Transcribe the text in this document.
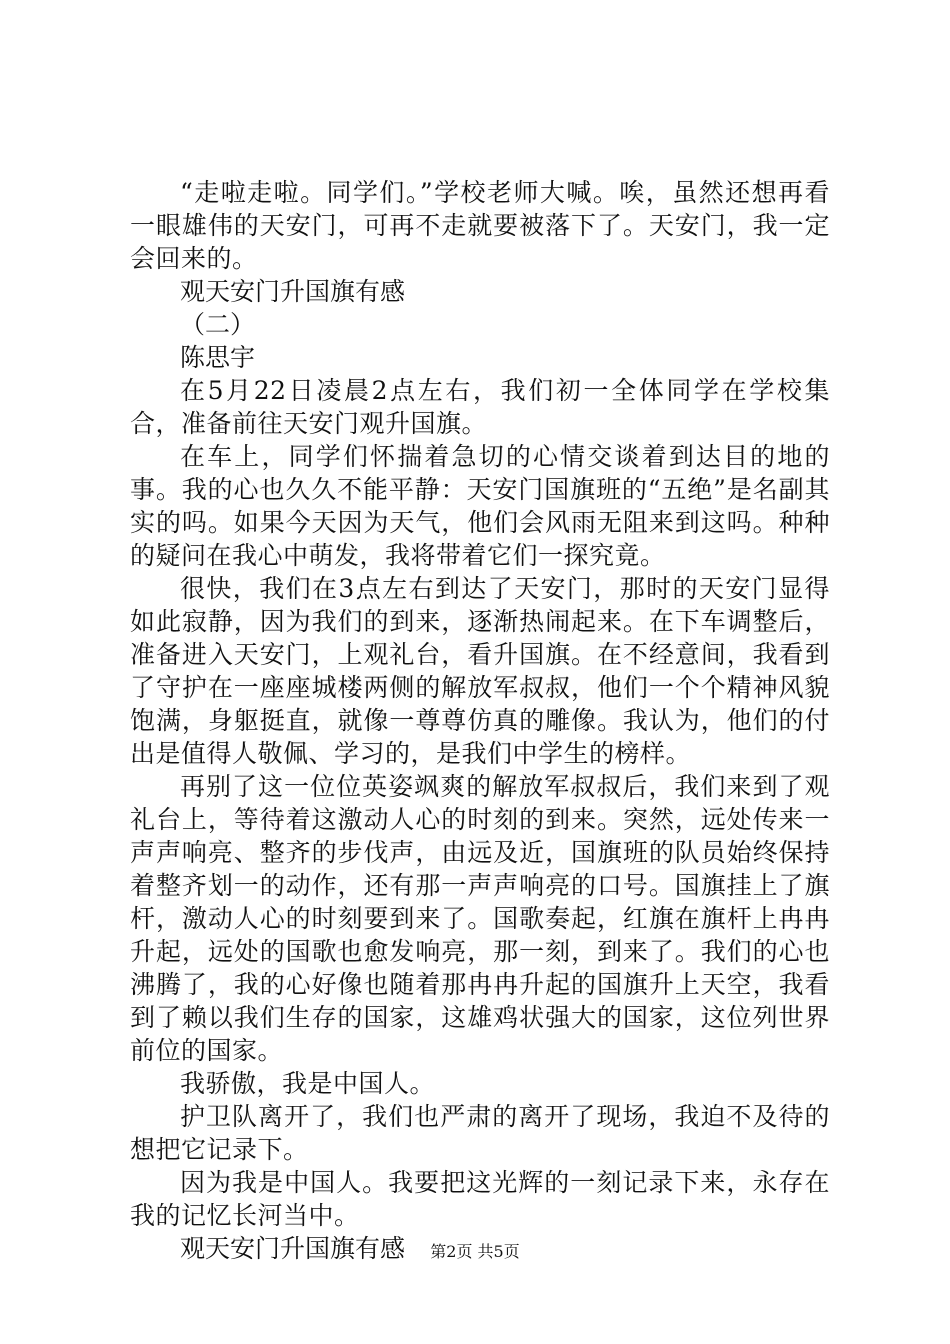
“走啦走啦。同学们。”学校老师大喊。唉，虽然还想再看一眼雄伟的天安门，可再不走就要被落下了。天安门，我一定会回来的。

观天安门升国旗有感

（二）

陈思宇

在5月22日凌晨2点左右，我们初一全体同学在学校集合，准备前往天安门观升国旗。

在车上，同学们怀揣着急切的心情交谈着到达目的地的事。我的心也久久不能平静：天安门国旗班的“五绝”是名副其实的吗。如果今天因为天气，他们会风雨无阻来到这吗。种种的疑问在我心中萌发，我将带着它们一探究竟。

很快，我们在3点左右到达了天安门，那时的天安门显得如此寂静，因为我们的到来，逐渐热闹起来。在下车调整后，准备进入天安门，上观礼台，看升国旗。在不经意间，我看到了守护在一座座城楼两侧的解放军叔叔，他们一个个精神风貌饱满，身躯挺直，就像一尊尊仿真的雕像。我认为，他们的付出是值得人敬佩、学习的，是我们中学生的榜样。

再别了这一位位英姿飒爽的解放军叔叔后，我们来到了观礼台上，等待着这激动人心的时刻的到来。突然，远处传来一声声响亮、整齐的步伐声，由远及近，国旗班的队员始终保持着整齐划一的动作，还有那一声声响亮的口号。国旗挂上了旗杆，激动人心的时刻要到来了。国歌奏起，红旗在旗杆上冉冉升起，远处的国歌也愈发响亮，那一刻，到来了。我们的心也沸腾了，我的心好像也随着那冉冉升起的国旗升上天空，我看到了赖以我们生存的国家，这雄鸡状强大的国家，这位列世界前位的国家。

我骄傲，我是中国人。

护卫队离开了，我们也严肃的离开了现场，我迫不及待的想把它记录下。

因为我是中国人。我要把这光辉的一刻记录下来，永存在我的记忆长河当中。

观天安门升国旗有感	第2页 共5页
